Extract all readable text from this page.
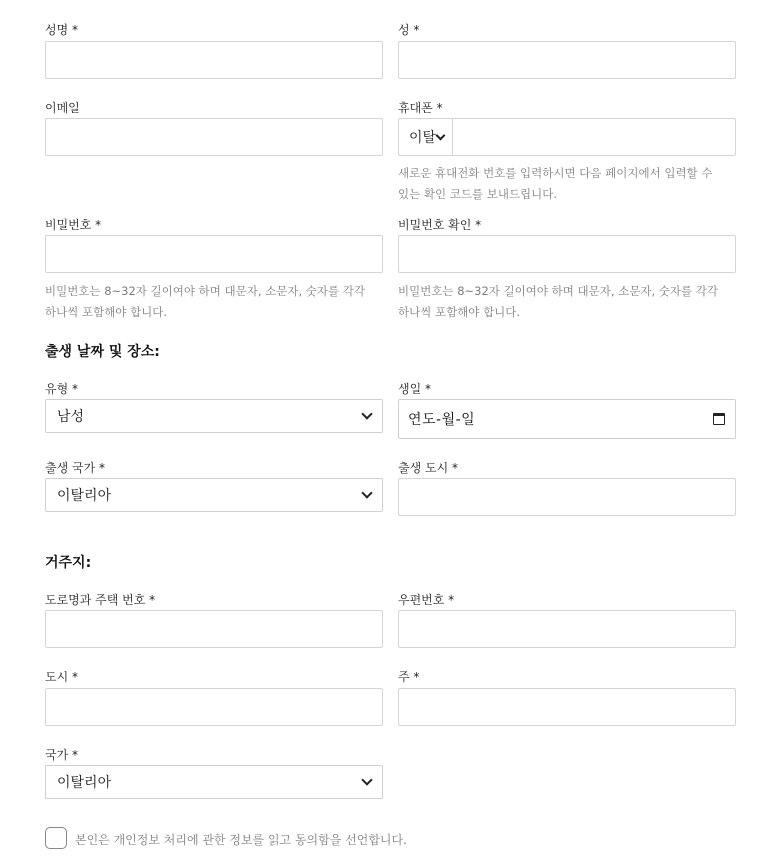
성명 *	성 *
이메일	휴대폰 *
이탈
새로운 휴대전화 번호를 입력하시면 다음 페이지에서 입력할 수 있는 확인 코드를 보내드립니다.
비밀번호 *	비밀번호 확인 *
비밀번호는 8~32자 길이여야 하며 대문자, 소문자, 숫자를 각각 하나씩 포함해야 합니다.
비밀번호는 8~32자 길이여야 하며 대문자, 소문자, 숫자를 각각 하나씩 포함해야 합니다.
출생 날짜 및 장소:
유형 *	생일 *
남성	연도-월-일
출생 국가 *	출생 도시 *
이탈리아
거주지:
도로명과 주택 번호 *	우편번호 *
도시 *	주 *
국가 *
이탈리아
본인은 개인정보 처리에 관한 정보를 읽고 동의함을 선언합니다.
